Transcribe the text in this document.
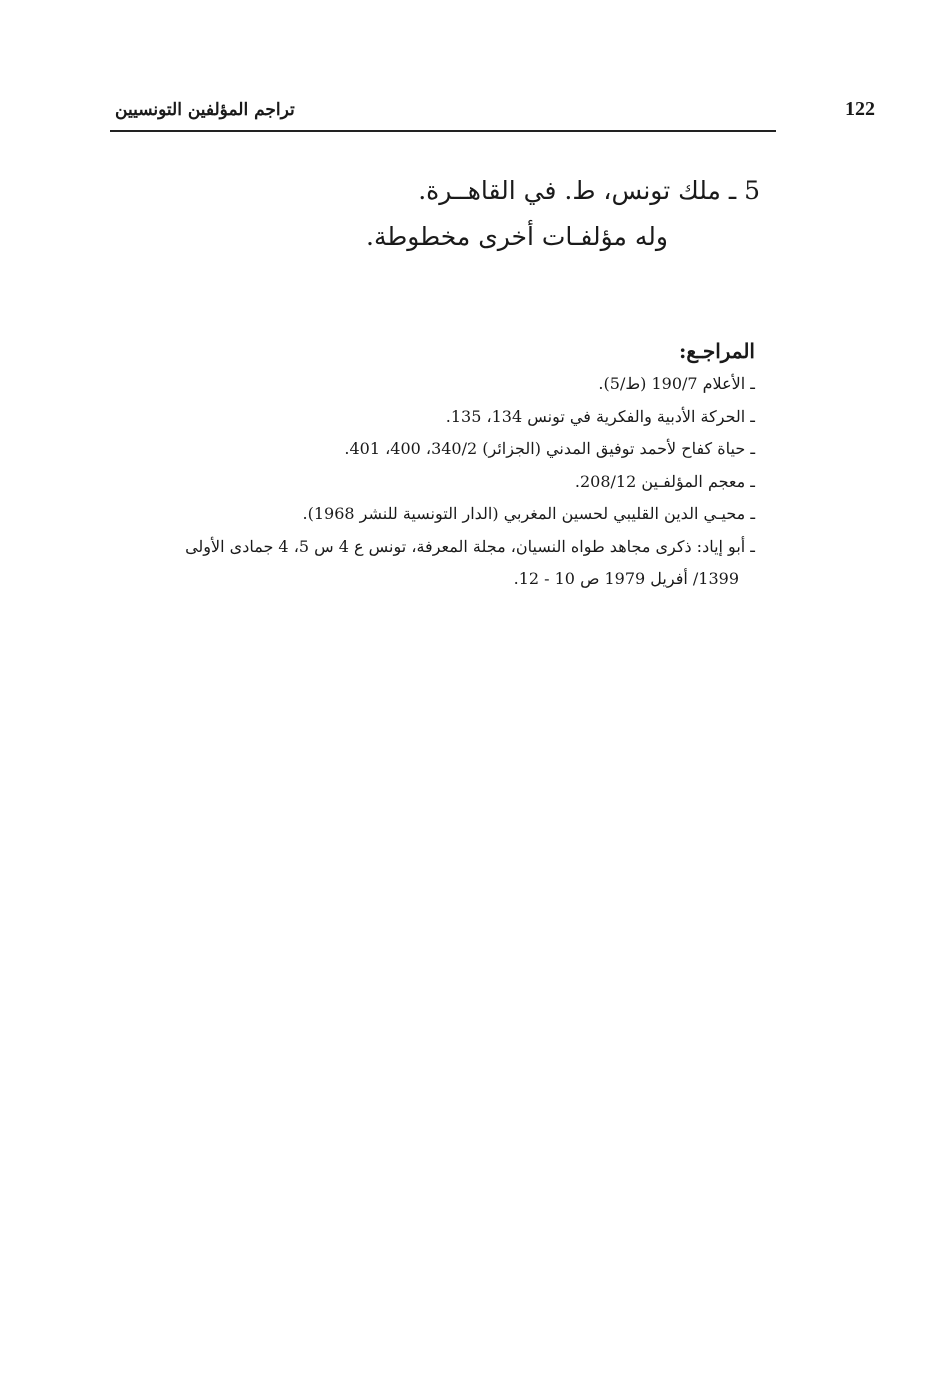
122
تراجم المؤلفين التونسيين
5 ـ ملك تونس، ط. في القاهــرة.
وله مؤلفـات أخرى مخطوطة.
المراجـع:
ـ الأعلام 190/7 (ط/5).
ـ الحركة الأدبية والفكرية في تونس 134، 135.
ـ حياة كفاح لأحمد توفيق المدني (الجزائر) 340/2، 400، 401.
ـ معجم المؤلفـين 208/12.
ـ محيـي الدين القليبي لحسين المغربي (الدار التونسية للنشر 1968).
ـ أبو إياد: ذكرى مجاهد طواه النسيان، مجلة المعرفة، تونس ع 4 س 5، 4 جمادى الأولى
1399/ أفريل 1979 ص 10 - 12.
